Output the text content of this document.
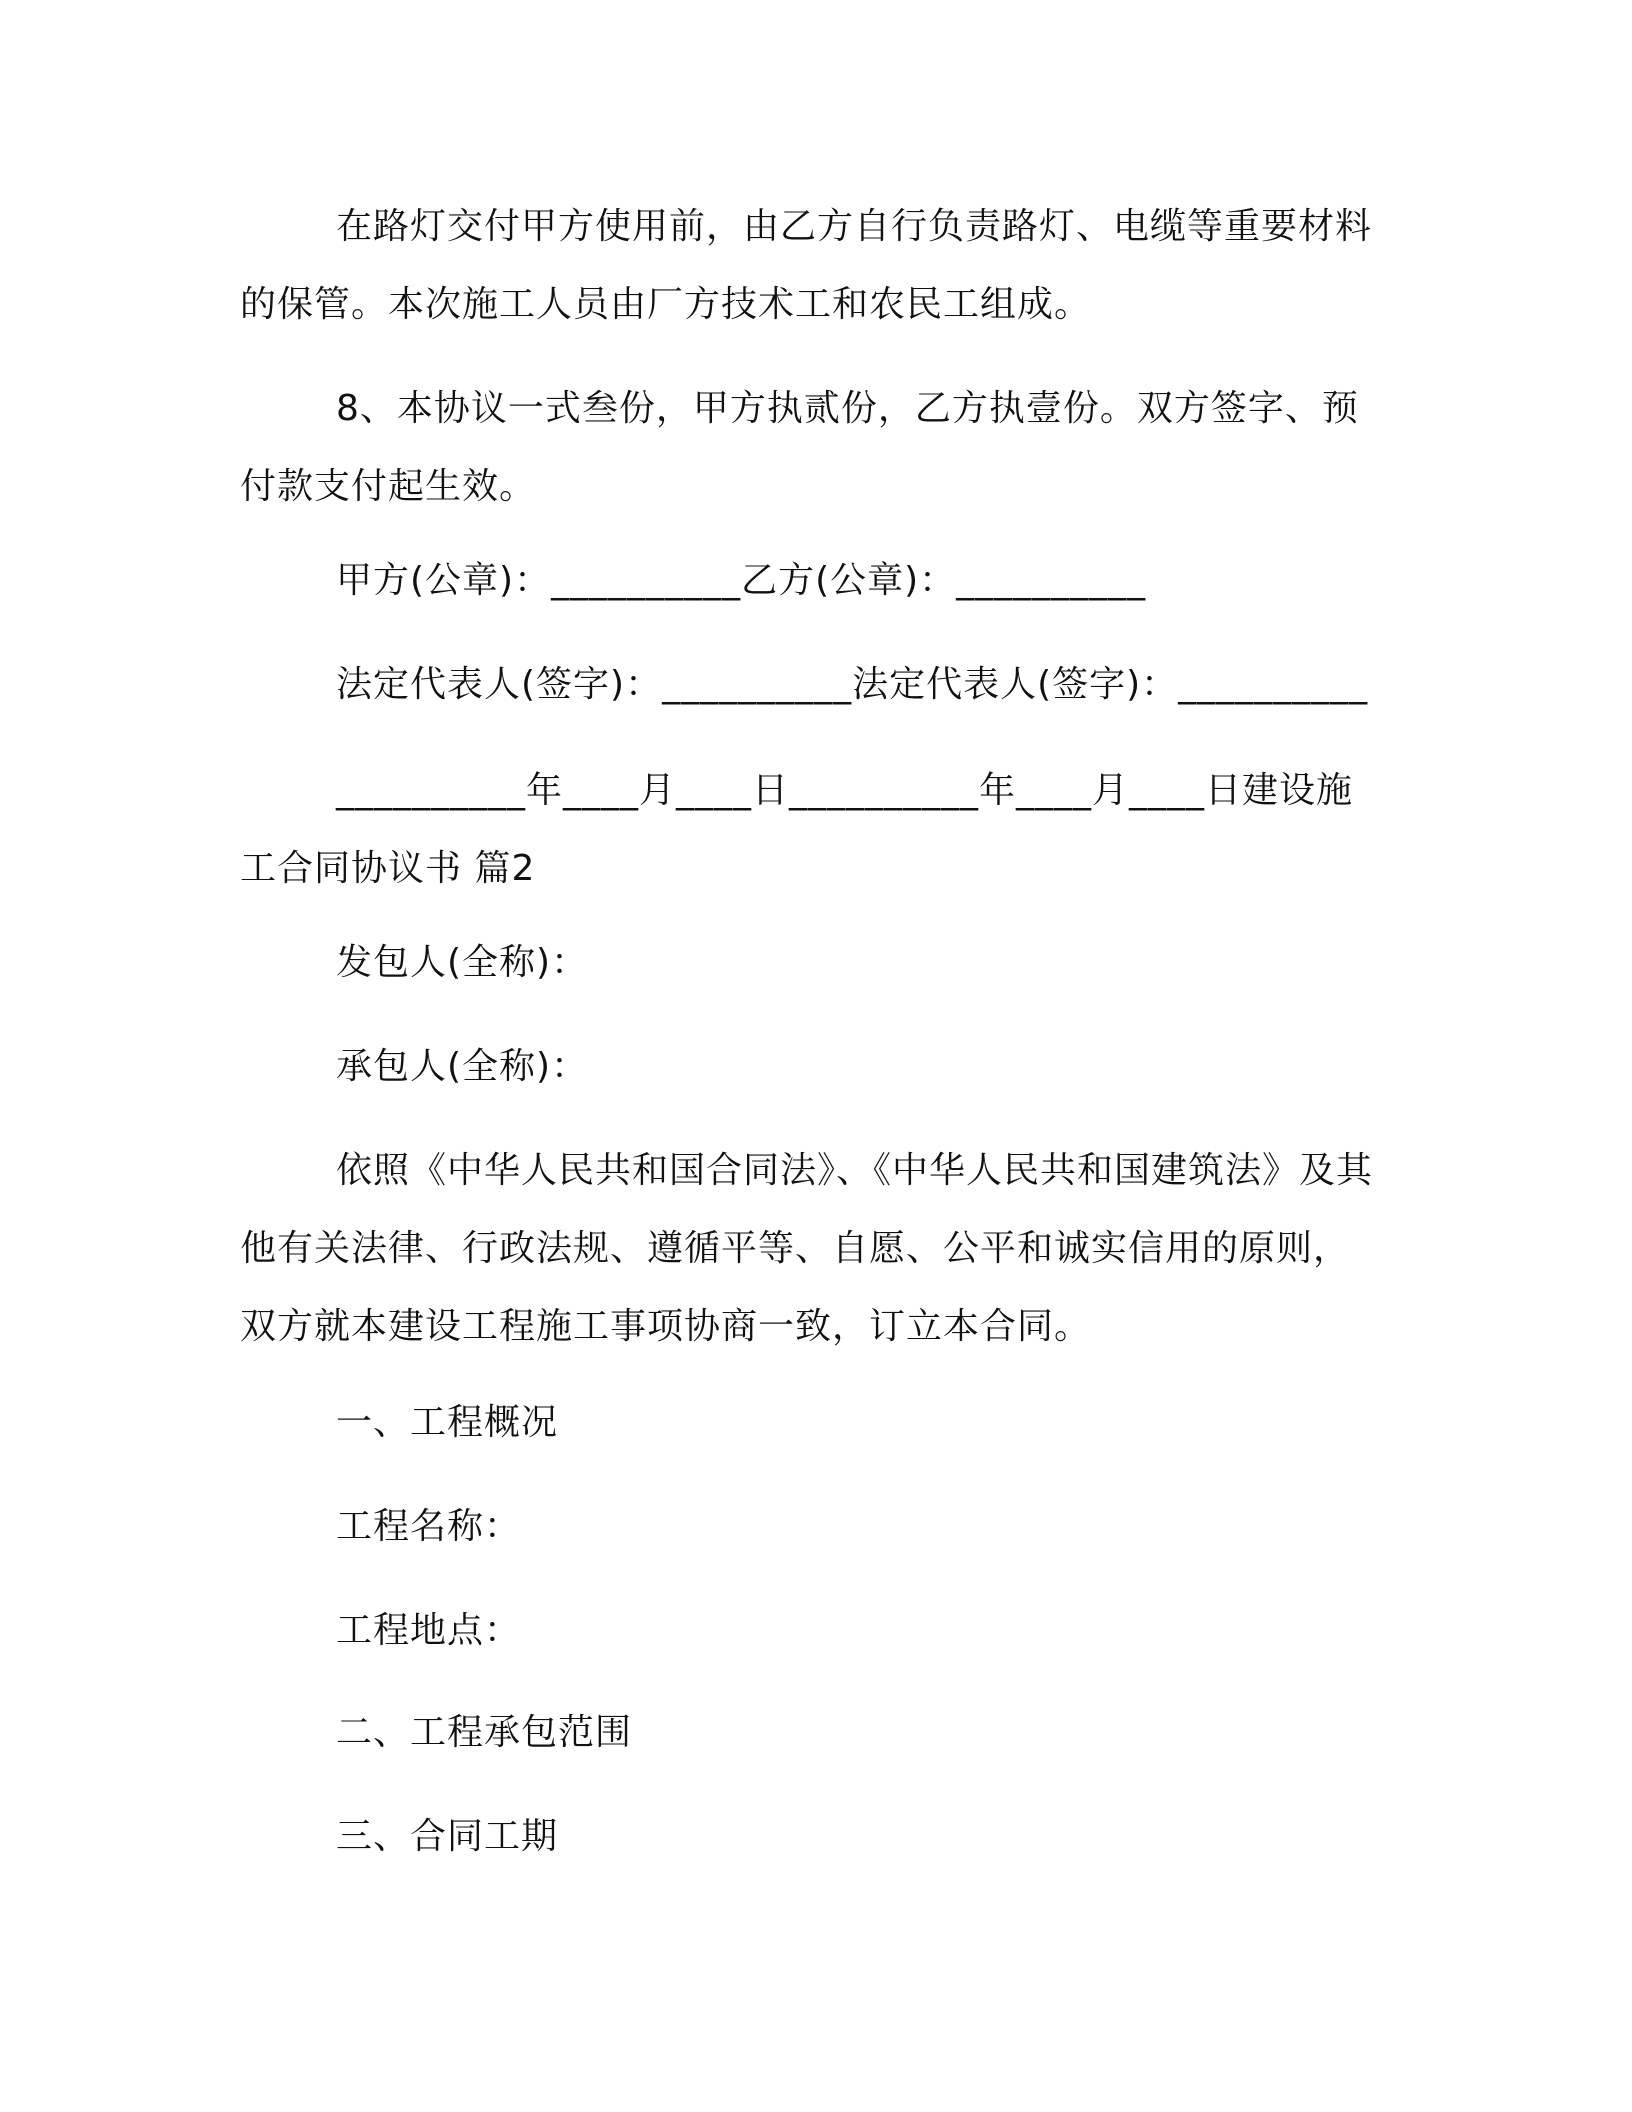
在路灯交付甲方使用前，由乙方自行负责路灯、电缆等重要材料的保管。本次施工人员由厂方技术工和农民工组成。
8、本协议一式叁份，甲方执贰份，乙方执壹份。双方签字、预付款支付起生效。
甲方(公章)：__________乙方(公章)：__________
法定代表人(签字)：__________法定代表人(签字)：__________
__________年____月____日__________年____月____日建设施工合同协议书 篇2
发包人(全称)：
承包人(全称)：
依照《中华人民共和国合同法》、《中华人民共和国建筑法》及其他有关法律、行政法规、遵循平等、自愿、公平和诚实信用的原则，双方就本建设工程施工事项协商一致，订立本合同。
一、工程概况
工程名称：
工程地点：
二、工程承包范围
三、合同工期
